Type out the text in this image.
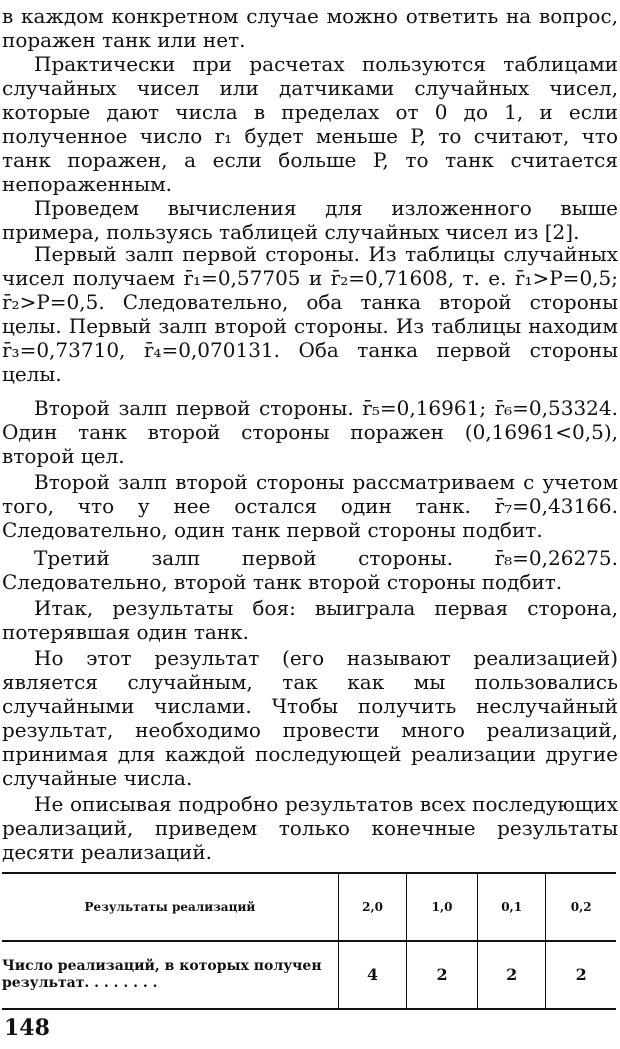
в каждом конкретном случае можно ответить на вопрос, поражен танк или нет.

Практически при расчетах пользуются таблицами случайных чисел или датчиками случайных чисел, которые дают числа в пределах от 0 до 1, и если полученное число r₁ будет меньше P, то считают, что танк поражен, а если больше P, то танк считается непораженным.

Проведем вычисления для изложенного выше примера, пользуясь таблицей случайных чисел из [2].

Первый залп первой стороны. Из таблицы случайных чисел получаем r̄₁=0,57705 и r̄₂=0,71608, т. е. r̄₁>P=0,5; r̄₂>P=0,5. Следовательно, оба танка второй стороны целы. Первый залп второй стороны. Из таблицы находим r̄₃=0,73710, r̄₄=0,070131. Оба танка первой стороны целы.

Второй залп первой стороны. r̄₅=0,16961; r̄₆=0,53324. Один танк второй стороны поражен (0,16961<0,5), второй цел.

Второй залп второй стороны рассматриваем с учетом того, что у нее остался один танк. r̄₇=0,43166. Следовательно, один танк первой стороны подбит.

Третий залп первой стороны. r̄₈=0,26275. Следовательно, второй танк второй стороны подбит.

Итак, результаты боя: выиграла первая сторона, потерявшая один танк.

Но этот результат (его называют реализацией) является случайным, так как мы пользовались случайными числами. Чтобы получить неслучайный результат, необходимо провести много реализаций, принимая для каждой последующей реализации другие случайные числа.

Не описывая подробно результатов всех последующих реализаций, приведем только конечные результаты десяти реализаций.

Результаты реализаций	2,0	1,0	0,1	0,2
Число реализаций, в которых получен результат. . . . . . . .	4	2	2	2
148
